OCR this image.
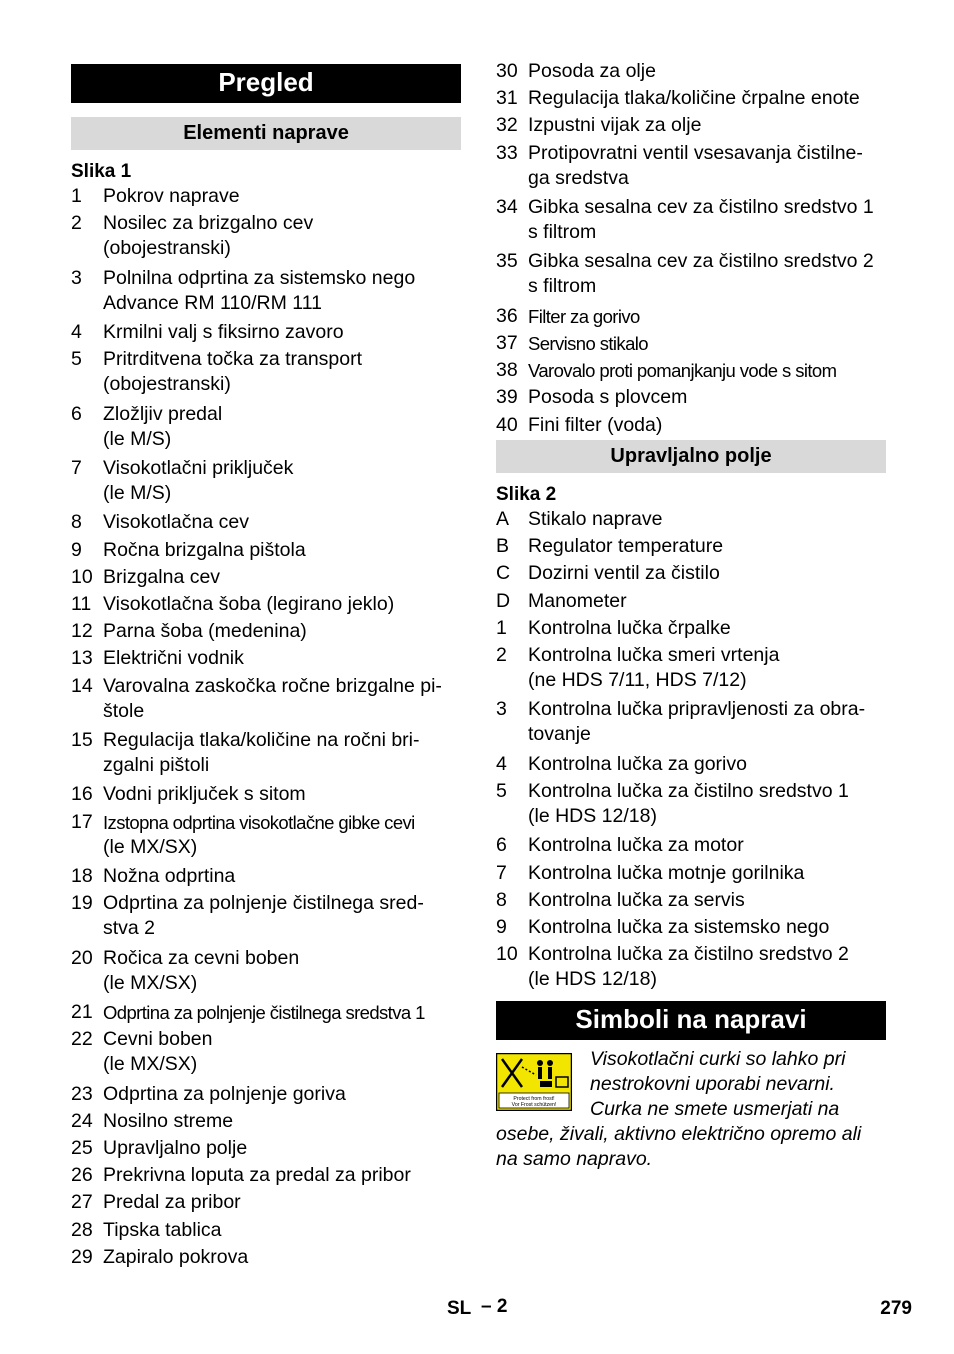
Pregled
Elementi naprave
Slika 1
1	Pokrov naprave
2	Nosilec za brizgalno cev
(obojestranski)
3	Polnilna odprtina za sistemsko nego
Advance RM 110/RM 111
4	Krmilni valj s fiksirno zavoro
5	Pritrditvena točka za transport
(obojestranski)
6	Zložljiv predal
(le M/S)
7	Visokotlačni priključek
(le M/S)
8	Visokotlačna cev
9	Ročna brizgalna pištola
10 Brizgalna cev
11 Visokotlačna šoba (legirano jeklo)
12 Parna šoba (medenina)
13 Električni vodnik
14 Varovalna zaskočka ročne brizgalne pi-
štole
15 Regulacija tlaka/količine na ročni bri-
zgalni pištoli
16 Vodni priključek s sitom
17 Izstopna odprtina visokotlačne gibke cevi
(le MX/SX)
18 Nožna odprtina
19 Odprtina za polnjenje čistilnega sred-
stva 2
20 Ročica za cevni boben
(le MX/SX)
21 Odprtina za polnjenje čistilnega sredstva 1
22 Cevni boben
(le MX/SX)
23 Odprtina za polnjenje goriva
24 Nosilno streme
25 Upravljalno polje
26 Prekrivna loputa za predal za pribor
27 Predal za pribor
28 Tipska tablica
29 Zapiralo pokrova
30 Posoda za olje
31 Regulacija tlaka/količine črpalne enote
32 Izpustni vijak za olje
33 Protipovratni ventil vsesavanja čistilne-
ga sredstva
34 Gibka sesalna cev za čistilno sredstvo 1
s filtrom
35 Gibka sesalna cev za čistilno sredstvo 2
s filtrom
36 Filter za gorivo
37 Servisno stikalo
38 Varovalo proti pomanjkanju vode s sitom
39 Posoda s plovcem
40 Fini filter (voda)
Upravljalno polje
Slika 2
A Stikalo naprave
B Regulator temperature
C Dozirni ventil za čistilo
D Manometer
1	Kontrolna lučka črpalke
2	Kontrolna lučka smeri vrtenja
(ne HDS 7/11, HDS 7/12)
3	Kontrolna lučka pripravljenosti za obra-
tovanje
4	Kontrolna lučka za gorivo
5	Kontrolna lučka za čistilno sredstvo 1
(le HDS 12/18)
6	Kontrolna lučka za motor
7	Kontrolna lučka motnje gorilnika
8	Kontrolna lučka za servis
9	Kontrolna lučka za sistemsko nego
10 Kontrolna lučka za čistilno sredstvo 2
(le HDS 12/18)
Simboli na napravi
Protect from frost!
Vor Frost schützen!
Visokotlačni curki so lahko pri
nestrokovni uporabi nevarni.
Curka ne smete usmerjati na
osebe, živali, aktivno električno opremo ali
na samo napravo.
SL – 2	279
